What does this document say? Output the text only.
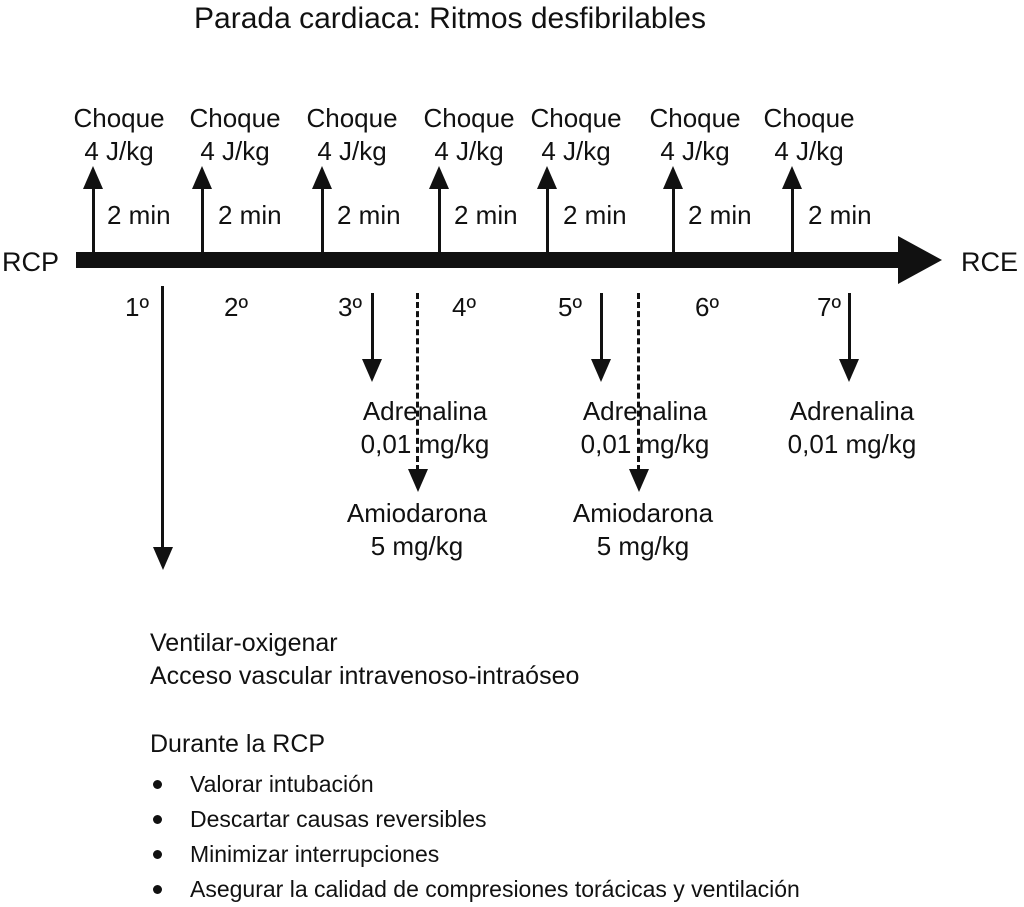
Parada cardiaca: Ritmos desfibrilables
Choque
4 J/kg
Choque
4 J/kg
Choque
4 J/kg
Choque
4 J/kg
Choque
4 J/kg
Choque
4 J/kg
Choque
4 J/kg
2 min 2 min 2 min 2 min 2 min 2 min 2 min
RCP	RCE
1º	2º	3º	4º	5º	6º	7º
Adrenalina
0,01 mg/kg
Adrenalina
0,01 mg/kg
Adrenalina
0,01 mg/kg
Amiodarona
5 mg/kg
Amiodarona
5 mg/kg
Ventilar-oxigenar
Acceso vascular intravenoso-intraóseo
Durante la RCP
Valorar intubación
Descartar causas reversibles
Minimizar interrupciones
Asegurar la calidad de compresiones torácicas y ventilación
